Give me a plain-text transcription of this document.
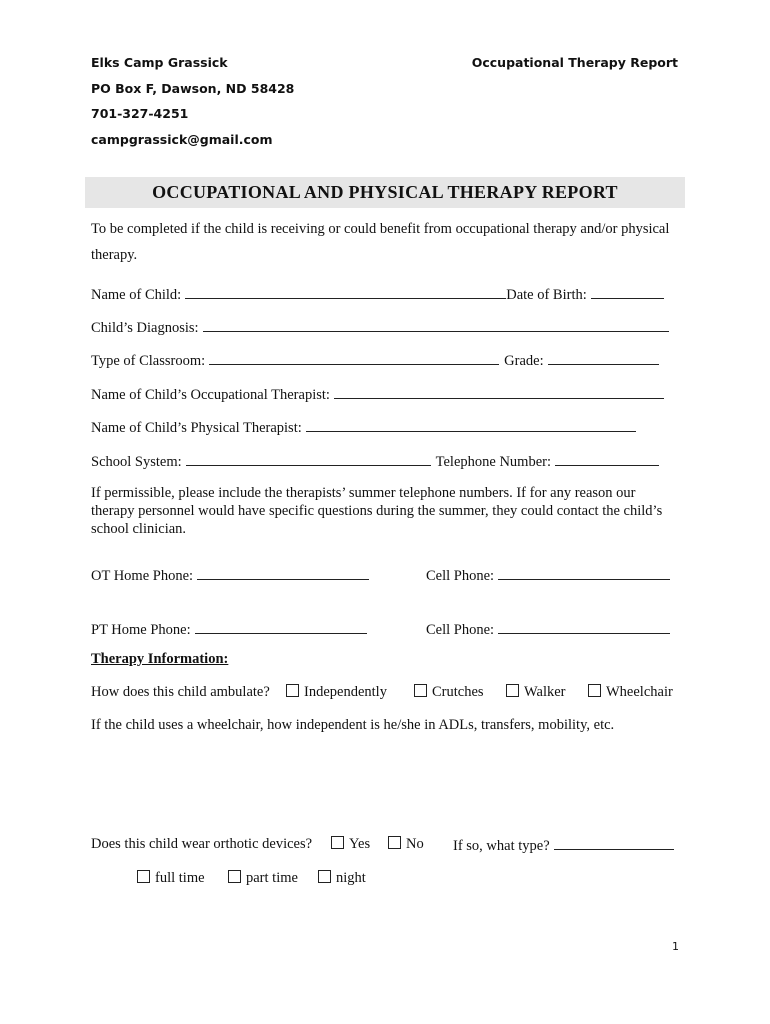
Elks Camp Grassick
PO Box F, Dawson, ND 58428
701-327-4251
campgrassick@gmail.com
Occupational Therapy Report
OCCUPATIONAL AND PHYSICAL THERAPY REPORT
To be completed if the child is receiving or could benefit from occupational therapy and/or physical therapy.
Name of Child:	Date of Birth:
Child’s Diagnosis:
Type of Classroom:	Grade:
Name of Child’s Occupational Therapist:
Name of Child’s Physical Therapist:
School System:	Telephone Number:
If permissible, please include the therapists’ summer telephone numbers. If for any reason our therapy personnel would have specific questions during the summer, they could contact the child’s school clinician.
OT Home Phone:	Cell Phone:
PT Home Phone:	Cell Phone:
Therapy Information:
How does this child ambulate?	Independently	Crutches	Walker	Wheelchair
If the child uses a wheelchair, how independent is he/she in ADLs, transfers, mobility, etc.
Does this child wear orthotic devices?	Yes	No If so, what type?
full time	part time	night
1
